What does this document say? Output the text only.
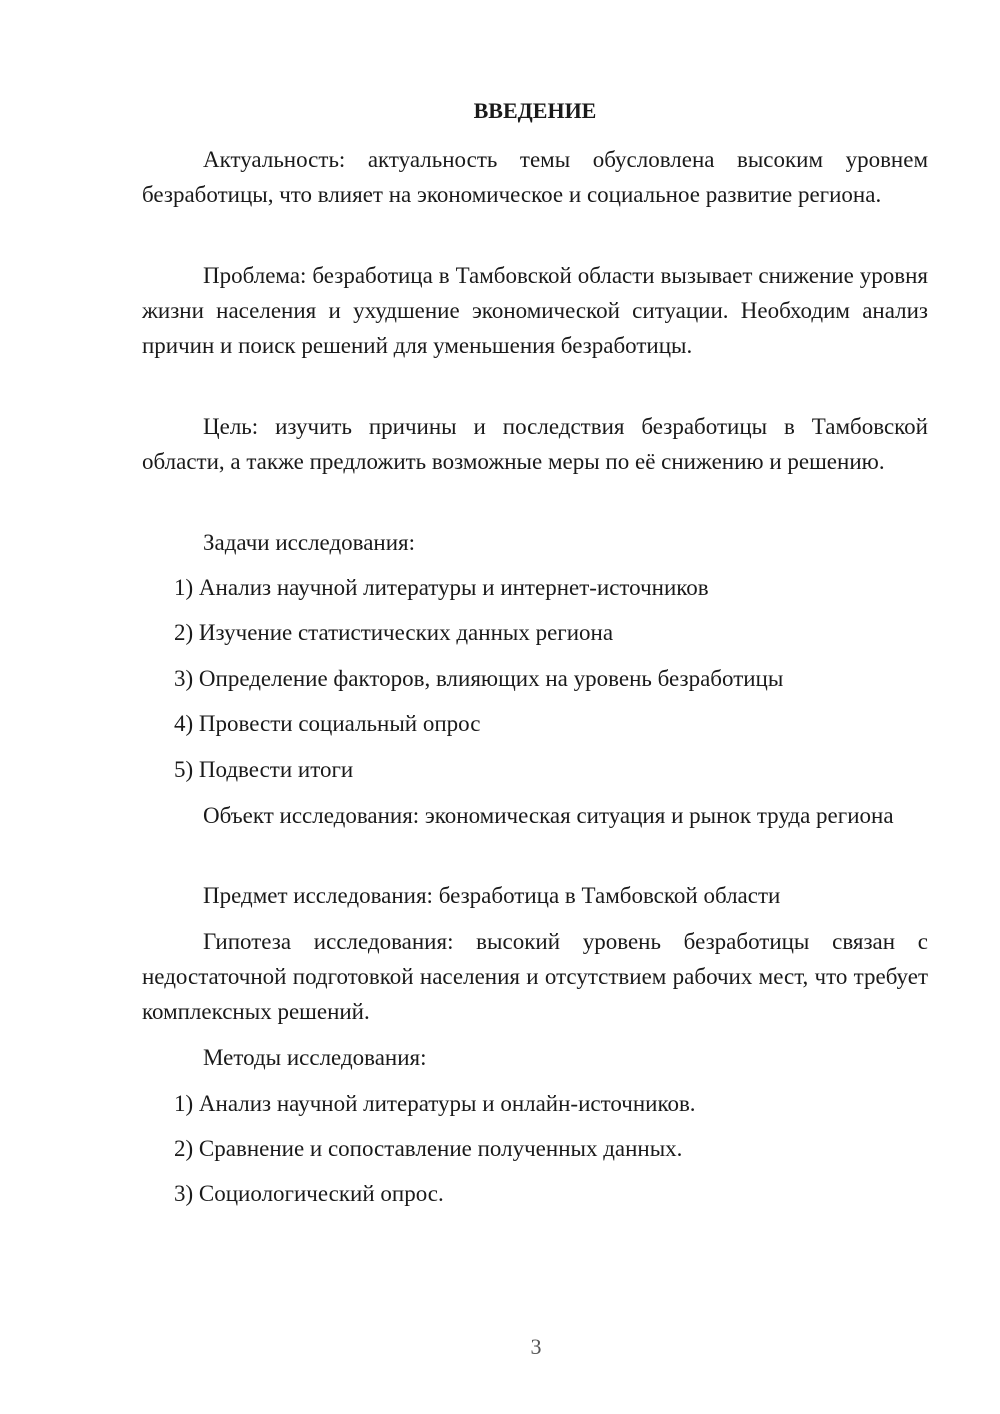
ВВЕДЕНИЕ

Актуальность: актуальность темы обусловлена высоким уровнем безработицы, что влияет на экономическое и социальное развитие региона.

Проблема: безработица в Тамбовской области вызывает снижение уровня жизни населения и ухудшение экономической ситуации. Необходим анализ причин и поиск решений для уменьшения безработицы.

Цель: изучить причины и последствия безработицы в Тамбовской области, а также предложить возможные меры по её снижению и решению.

Задачи исследования:

1) Анализ научной литературы и интернет-источников

2) Изучение статистических данных региона

3) Определение факторов, влияющих на уровень безработицы

4) Провести социальный опрос

5) Подвести итоги

Объект исследования: экономическая ситуация и рынок труда региона

Предмет исследования: безработица в Тамбовской области

Гипотеза исследования: высокий уровень безработицы связан с недостаточной подготовкой населения и отсутствием рабочих мест, что требует комплексных решений.

Методы исследования:

1) Анализ научной литературы и онлайн-источников.

2) Сравнение и сопоставление полученных данных.

3) Социологический опрос.

3
